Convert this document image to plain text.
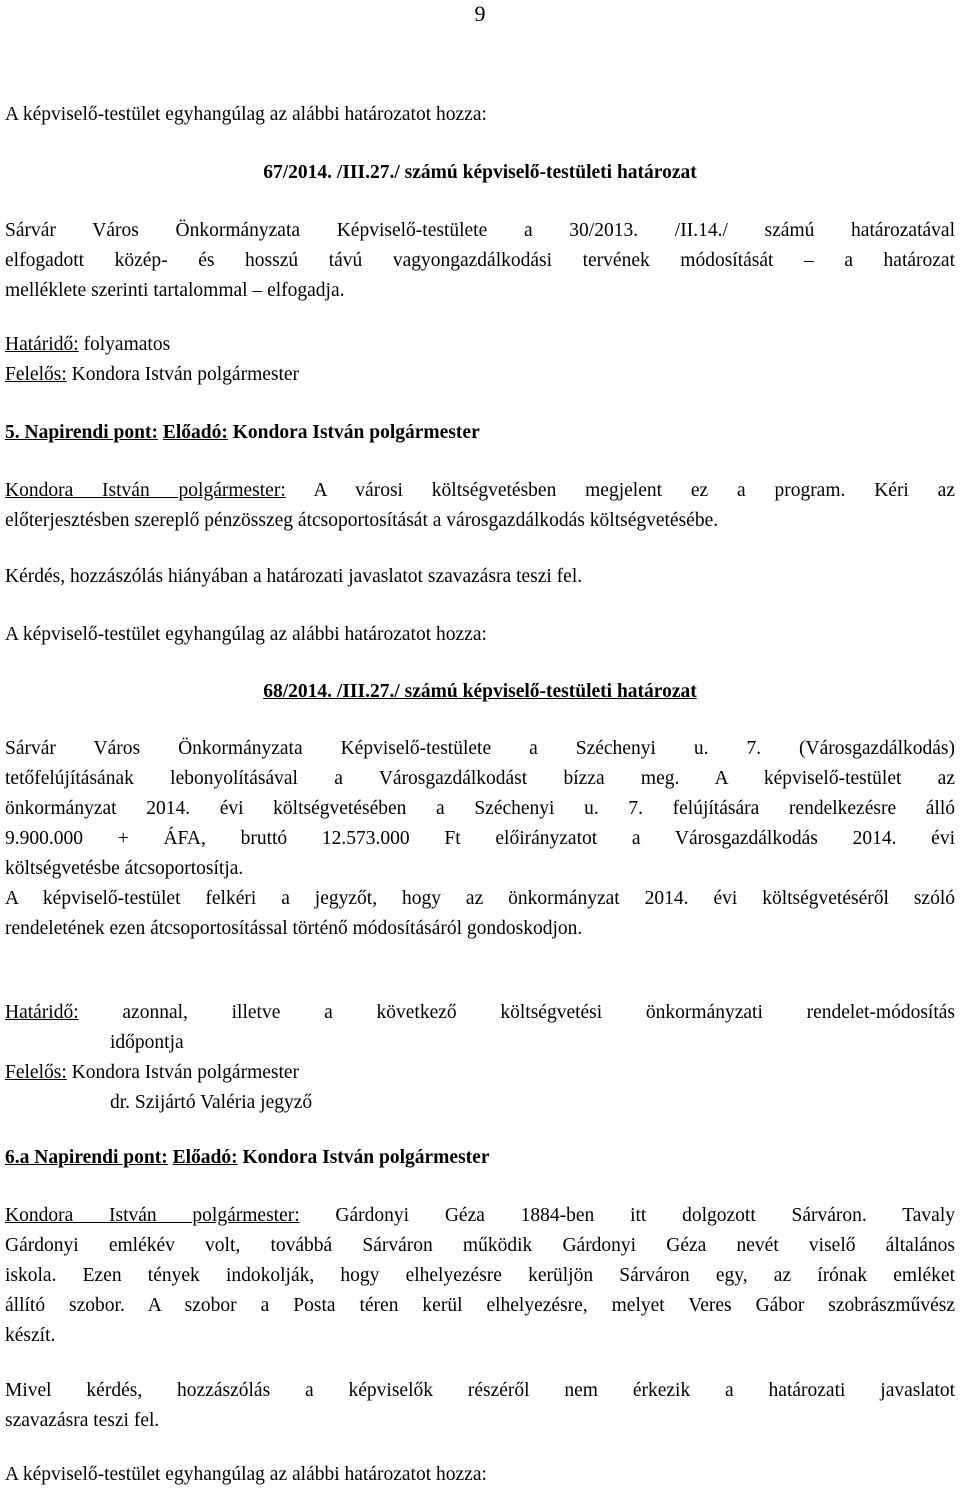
9
A képviselő-testület egyhangúlag az alábbi határozatot hozza:
67/2014. /III.27./ számú képviselő-testületi határozat
Sárvár Város Önkormányzata Képviselő-testülete a 30/2013. /II.14./ számú határozatával
elfogadott közép- és hosszú távú vagyongazdálkodási tervének módosítását – a határozat
melléklete szerinti tartalommal – elfogadja.
Határidő: folyamatos
Felelős: Kondora István polgármester
5. Napirendi pont: Előadó: Kondora István polgármester
Kondora István polgármester: A városi költségvetésben megjelent ez a program. Kéri az
előterjesztésben szereplő pénzösszeg átcsoportosítását a városgazdálkodás költségvetésébe.
Kérdés, hozzászólás hiányában a határozati javaslatot szavazásra teszi fel.
A képviselő-testület egyhangúlag az alábbi határozatot hozza:
68/2014. /III.27./ számú képviselő-testületi határozat
Sárvár Város Önkormányzata Képviselő-testülete a Széchenyi u. 7. (Városgazdálkodás)
tetőfelújításának lebonyolításával a Városgazdálkodást bízza meg. A képviselő-testület az
önkormányzat 2014. évi költségvetésében a Széchenyi u. 7. felújítására rendelkezésre álló
9.900.000 + ÁFA, bruttó 12.573.000 Ft előirányzatot a Városgazdálkodás 2014. évi
költségvetésbe átcsoportosítja.
A képviselő-testület felkéri a jegyzőt, hogy az önkormányzat 2014. évi költségvetéséről szóló
rendeletének ezen átcsoportosítással történő módosításáról gondoskodjon.
Határidő: azonnal, illetve a következő költségvetési önkormányzati rendelet-módosítás
időpontja
Felelős: Kondora István polgármester
dr. Szijártó Valéria jegyző
6.a Napirendi pont: Előadó: Kondora István polgármester
Kondora István polgármester: Gárdonyi Géza 1884-ben itt dolgozott Sárváron. Tavaly
Gárdonyi emlékév volt, továbbá Sárváron működik Gárdonyi Géza nevét viselő általános
iskola. Ezen tények indokolják, hogy elhelyezésre kerüljön Sárváron egy, az írónak emléket
állító szobor. A szobor a Posta téren kerül elhelyezésre, melyet Veres Gábor szobrászművész
készít.
Mivel kérdés, hozzászólás a képviselők részéről nem érkezik a határozati javaslatot
szavazásra teszi fel.
A képviselő-testület egyhangúlag az alábbi határozatot hozza:
